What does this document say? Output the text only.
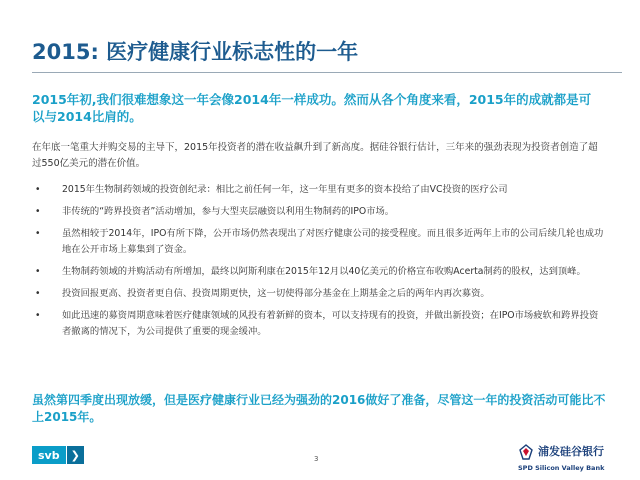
2015: 医疗健康行业标志性的一年
2015年初,我们很难想象这一年会像2014年一样成功。然而从各个角度来看，2015年的成就都是可以与2014比肩的。
在年底一笔重大并购交易的主导下，2015年投资者的潜在收益飙升到了新高度。据硅谷银行估计，三年来的强劲表现为投资者创造了超过550亿美元的潜在价值。
• 2015年生物制药领域的投资创纪录：相比之前任何一年，这一年里有更多的资本投给了由VC投资的医疗公司
• 非传统的“跨界投资者”活动增加，参与大型夹层融资以利用生物制药的IPO市场。
• 虽然相较于2014年，IPO有所下降，公开市场仍然表现出了对医疗健康公司的接受程度。而且很多近两年上市的公司后续几轮也成功地在公开市场上募集到了资金。
• 生物制药领域的并购活动有所增加，最终以阿斯利康在2015年12月以40亿美元的价格宣布收购Acerta制药的股权，达到顶峰。
• 投资回报更高、投资者更自信、投资周期更快，这一切使得部分基金在上期基金之后的两年内再次募资。
• 如此迅速的募资周期意味着医疗健康领域的风投有着新鲜的资本，可以支持现有的投资，并做出新投资；在IPO市场疲软和跨界投资者撤离的情况下，为公司提供了重要的现金缓冲。
虽然第四季度出现放缓，但是医疗健康行业已经为强劲的2016做好了准备，尽管这一年的投资活动可能比不上2015年。
svb	❯	3
浦发硅谷银行
SPD Silicon Valley Bank
